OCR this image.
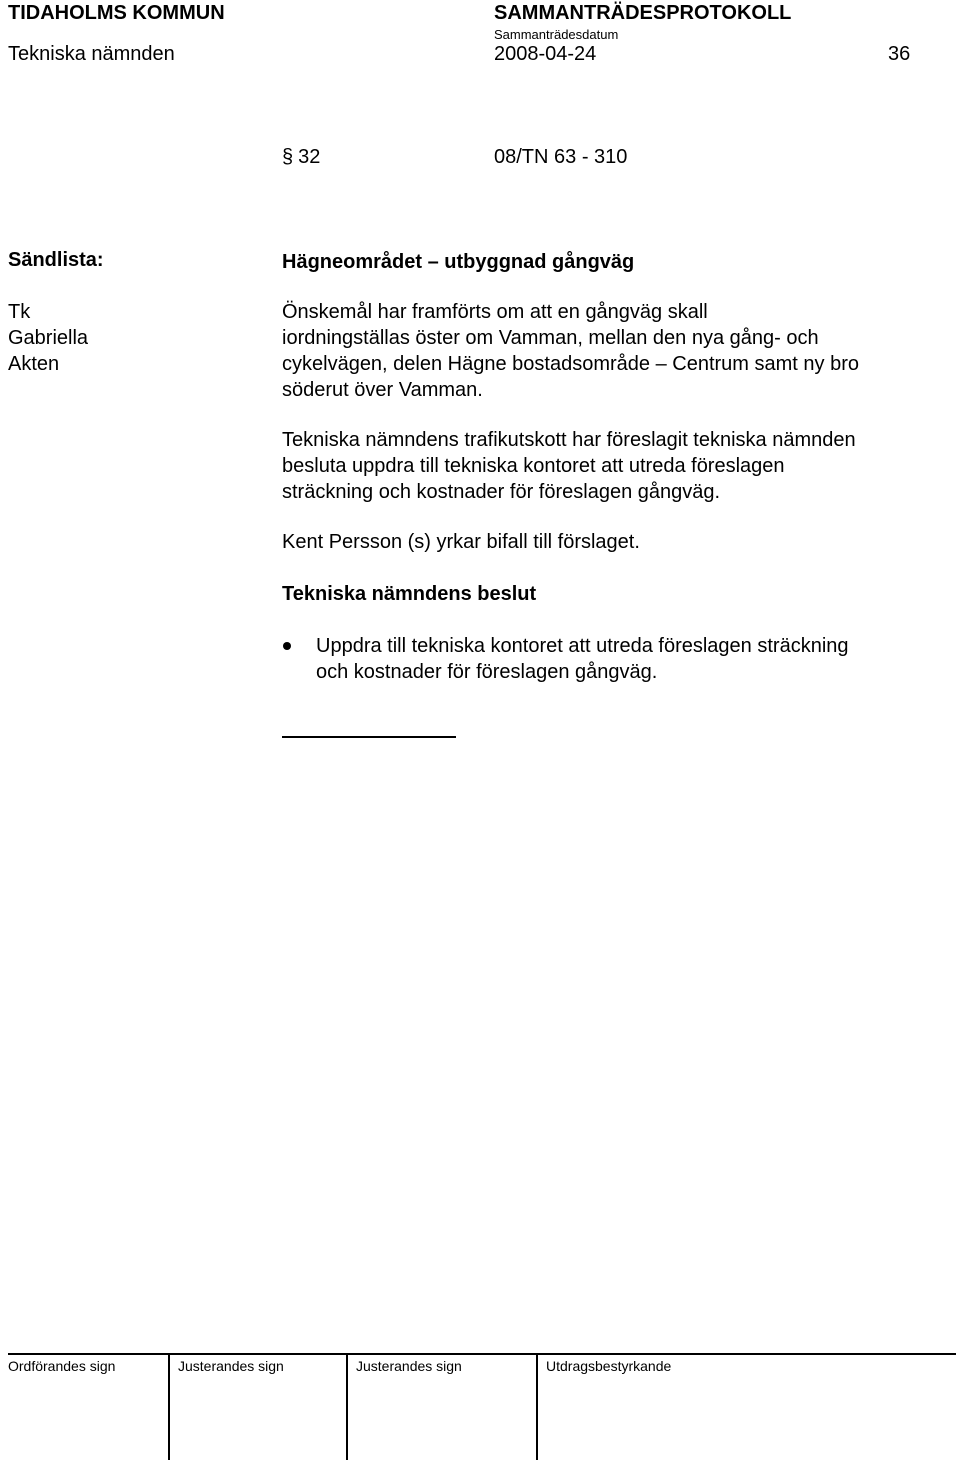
TIDAHOLMS KOMMUN	SAMMANTRÄDESPROTOKOLL
Sammanträdesdatum
Tekniska nämnden	2008-04-24	36
§ 32	08/TN 63 - 310
Sändlista:
Tk
Gabriella
Akten
Hägneområdet – utbyggnad gångväg
Önskemål har framförts om att en gångväg skall
iordningställas öster om Vamman, mellan den nya gång- och
cykelvägen, delen Hägne bostadsområde – Centrum samt ny bro
söderut över Vamman.
Tekniska nämndens trafikutskott har föreslagit tekniska nämnden
besluta uppdra till tekniska kontoret att utreda föreslagen
sträckning och kostnader för föreslagen gångväg.
Kent Persson (s) yrkar bifall till förslaget.
Tekniska nämndens beslut
Uppdra till tekniska kontoret att utreda föreslagen sträckning
och kostnader för föreslagen gångväg.
Ordförandes sign	Justerandes sign	Justerandes sign	Utdragsbestyrkande
